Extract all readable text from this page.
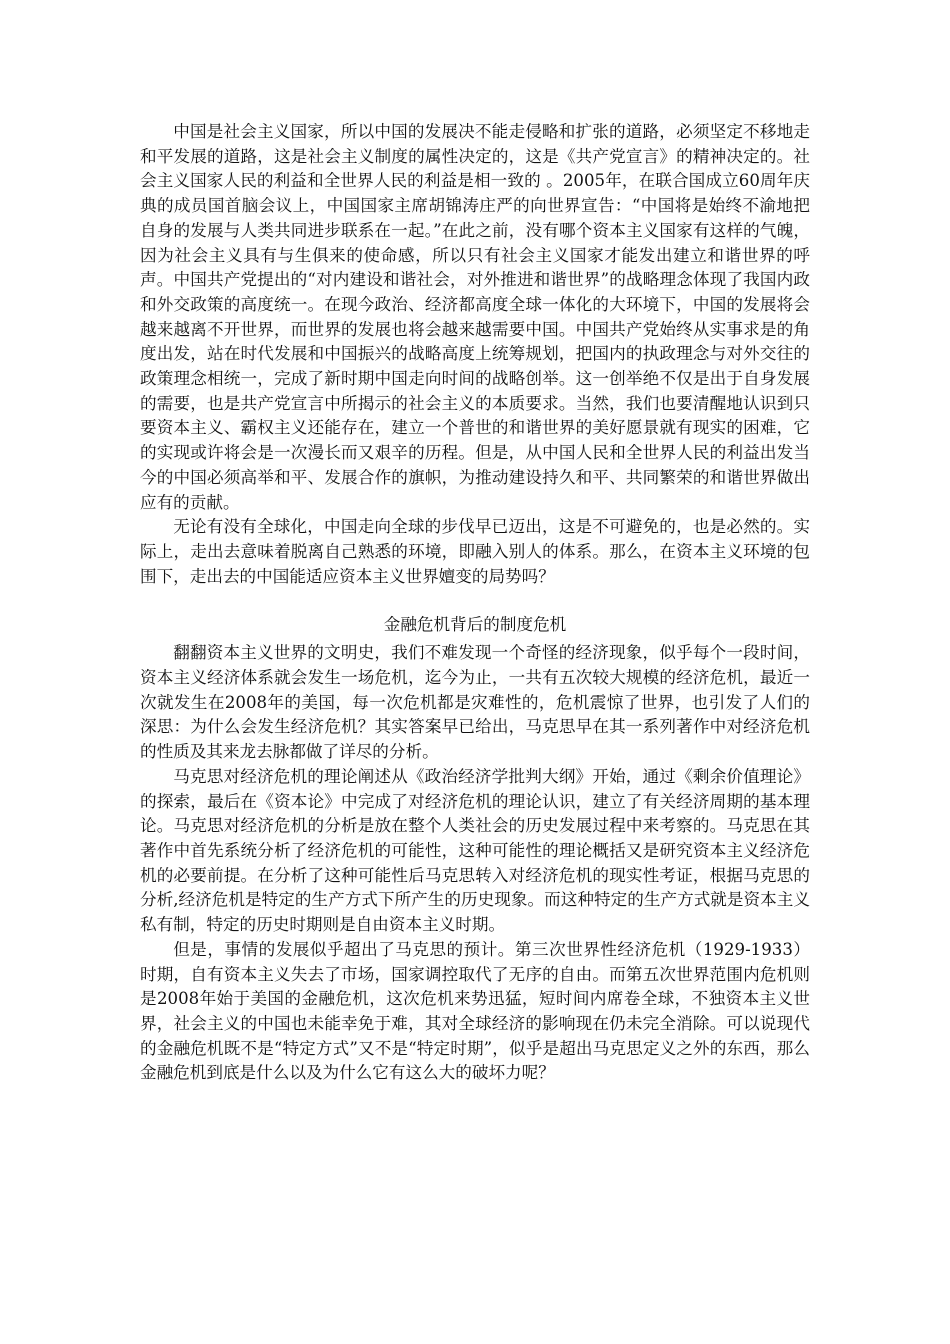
中国是社会主义国家，所以中国的发展决不能走侵略和扩张的道路，必须坚定不移地走和平发展的道路，这是社会主义制度的属性决定的，这是《共产党宣言》的精神决定的。社会主义国家人民的利益和全世界人民的利益是相一致的 。2005年，在联合国成立60周年庆典的成员国首脑会议上，中国国家主席胡锦涛庄严的向世界宣告：“中国将是始终不渝地把自身的发展与人类共同进步联系在一起。”在此之前，没有哪个资本主义国家有这样的气魄，因为社会主义具有与生俱来的使命感，所以只有社会主义国家才能发出建立和谐世界的呼声。中国共产党提出的“对内建设和谐社会，对外推进和谐世界”的战略理念体现了我国内政和外交政策的高度统一。在现今政治、经济都高度全球一体化的大环境下，中国的发展将会越来越离不开世界，而世界的发展也将会越来越需要中国。中国共产党始终从实事求是的角度出发，站在时代发展和中国振兴的战略高度上统筹规划，把国内的执政理念与对外交往的政策理念相统一，完成了新时期中国走向时间的战略创举。这一创举绝不仅是出于自身发展的需要，也是共产党宣言中所揭示的社会主义的本质要求。当然，我们也要清醒地认识到只要资本主义、霸权主义还能存在，建立一个普世的和谐世界的美好愿景就有现实的困难，它的实现或许将会是一次漫长而又艰辛的历程。但是，从中国人民和全世界人民的利益出发当今的中国必须高举和平、发展合作的旗帜，为推动建设持久和平、共同繁荣的和谐世界做出应有的贡献。

无论有没有全球化，中国走向全球的步伐早已迈出，这是不可避免的，也是必然的。实际上，走出去意味着脱离自己熟悉的环境，即融入别人的体系。那么，在资本主义环境的包围下，走出去的中国能适应资本主义世界嬗变的局势吗？

金融危机背后的制度危机

翻翻资本主义世界的文明史，我们不难发现一个奇怪的经济现象，似乎每个一段时间，资本主义经济体系就会发生一场危机，迄今为止，一共有五次较大规模的经济危机，最近一次就发生在2008年的美国，每一次危机都是灾难性的，危机震惊了世界，也引发了人们的深思：为什么会发生经济危机？其实答案早已给出，马克思早在其一系列著作中对经济危机的性质及其来龙去脉都做了详尽的分析。

马克思对经济危机的理论阐述从《政治经济学批判大纲》开始，通过《剩余价值理论》的探索，最后在《资本论》中完成了对经济危机的理论认识，建立了有关经济周期的基本理论。马克思对经济危机的分析是放在整个人类社会的历史发展过程中来考察的。马克思在其著作中首先系统分析了经济危机的可能性，这种可能性的理论概括又是研究资本主义经济危机的必要前提。在分析了这种可能性后马克思转入对经济危机的现实性考证，根据马克思的分析,经济危机是特定的生产方式下所产生的历史现象。而这种特定的生产方式就是资本主义私有制，特定的历史时期则是自由资本主义时期。

但是，事情的发展似乎超出了马克思的预计。第三次世界性经济危机（1929-1933）时期，自有资本主义失去了市场，国家调控取代了无序的自由。而第五次世界范围内危机则是2008年始于美国的金融危机，这次危机来势迅猛，短时间内席卷全球，不独资本主义世界，社会主义的中国也未能幸免于难，其对全球经济的影响现在仍未完全消除。可以说现代的金融危机既不是“特定方式”又不是“特定时期”，似乎是超出马克思定义之外的东西，那么金融危机到底是什么以及为什么它有这么大的破坏力呢？
